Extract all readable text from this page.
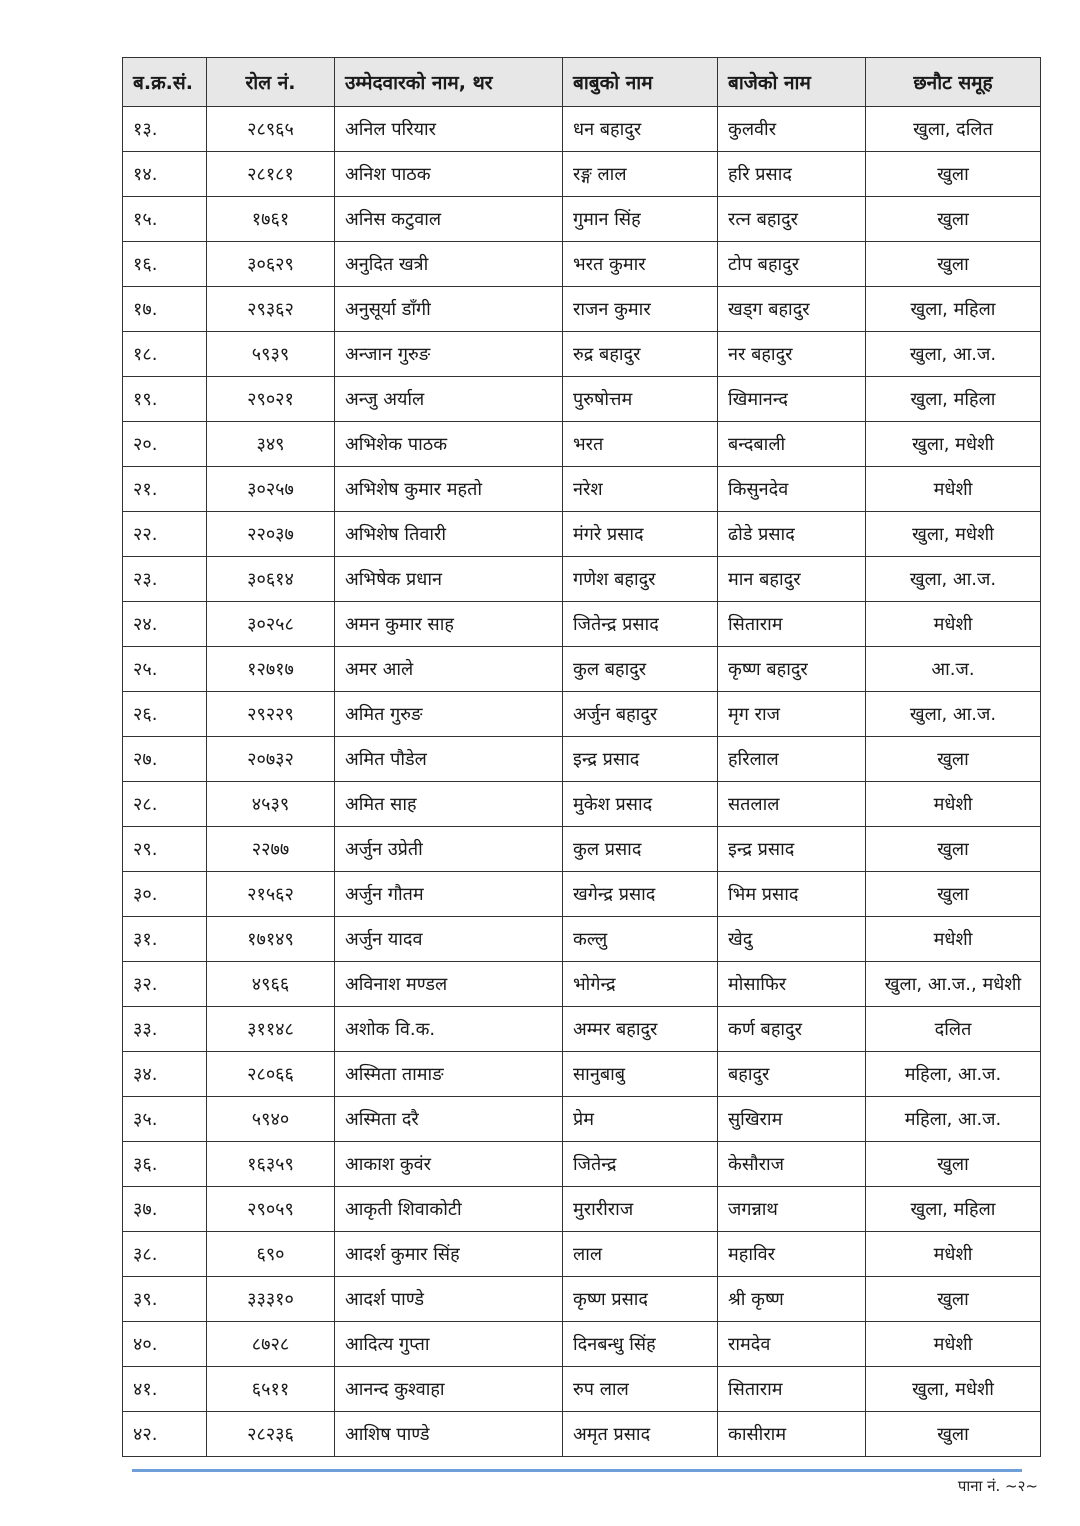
ब.क्र.सं.	रोल नं.	उम्मेदवारको नाम, थर	बाबुको नाम	बाजेको नाम	छनौट समूह
१३.	२८९६५	अनिल परियार	धन बहादुर	कुलवीर	खुला, दलित
१४.	२८१८१	अनिश पाठक	रङ्ग लाल	हरि प्रसाद	खुला
१५.	१७६१	अनिस कटुवाल	गुमान सिंह	रत्न बहादुर	खुला
१६.	३०६२९	अनुदित खत्री	भरत कुमार	टोप बहादुर	खुला
१७.	२९३६२	अनुसूर्या डाँगी	राजन कुमार	खड्ग बहादुर	खुला, महिला
१८.	५९३९	अन्जान गुरुङ	रुद्र बहादुर	नर बहादुर	खुला, आ.ज.
१९.	२९०२१	अन्जु अर्याल	पुरुषोत्तम	खिमानन्द	खुला, महिला
२०.	३४९	अभिशेक पाठक	भरत	बन्दबाली	खुला, मधेशी
२१.	३०२५७	अभिशेष कुमार महतो	नरेश	किसुनदेव	मधेशी
२२.	२२०३७	अभिशेष तिवारी	मंगरे प्रसाद	ढोडे प्रसाद	खुला, मधेशी
२३.	३०६१४	अभिषेक प्रधान	गणेश बहादुर	मान बहादुर	खुला, आ.ज.
२४.	३०२५८	अमन कुमार साह	जितेन्द्र प्रसाद	सिताराम	मधेशी
२५.	१२७१७	अमर आले	कुल बहादुर	कृष्ण बहादुर	आ.ज.
२६.	२९२२९	अमित गुरुङ	अर्जुन बहादुर	मृग राज	खुला, आ.ज.
२७.	२०७३२	अमित पौडेल	इन्द्र प्रसाद	हरिलाल	खुला
२८.	४५३९	अमित साह	मुकेश प्रसाद	सतलाल	मधेशी
२९.	२२७७	अर्जुन उप्रेती	कुल प्रसाद	इन्द्र प्रसाद	खुला
३०.	२१५६२	अर्जुन गौतम	खगेन्द्र प्रसाद	भिम प्रसाद	खुला
३१.	१७१४९	अर्जुन यादव	कल्लु	खेदु	मधेशी
३२.	४९६६	अविनाश मण्डल	भोगेन्द्र	मोसाफिर	खुला, आ.ज., मधेशी
३३.	३११४८	अशोक वि.क.	अम्मर बहादुर	कर्ण बहादुर	दलित
३४.	२८०६६	अस्मिता तामाङ	सानुबाबु	बहादुर	महिला, आ.ज.
३५.	५९४०	अस्मिता दरै	प्रेम	सुखिराम	महिला, आ.ज.
३६.	१६३५९	आकाश कुवंर	जितेन्द्र	केसौराज	खुला
३७.	२९०५९	आकृती शिवाकोटी	मुरारीराज	जगन्नाथ	खुला, महिला
३८.	६९०	आदर्श कुमार सिंह	लाल	महाविर	मधेशी
३९.	३३३१०	आदर्श पाण्डे	कृष्ण प्रसाद	श्री कृष्ण	खुला
४०.	८७२८	आदित्य गुप्ता	दिनबन्धु सिंह	रामदेव	मधेशी
४१.	६५११	आनन्द कुश्वाहा	रुप लाल	सिताराम	खुला, मधेशी
४२.	२८२३६	आशिष पाण्डे	अमृत प्रसाद	कासीराम	खुला
पाना नं. ~२~
